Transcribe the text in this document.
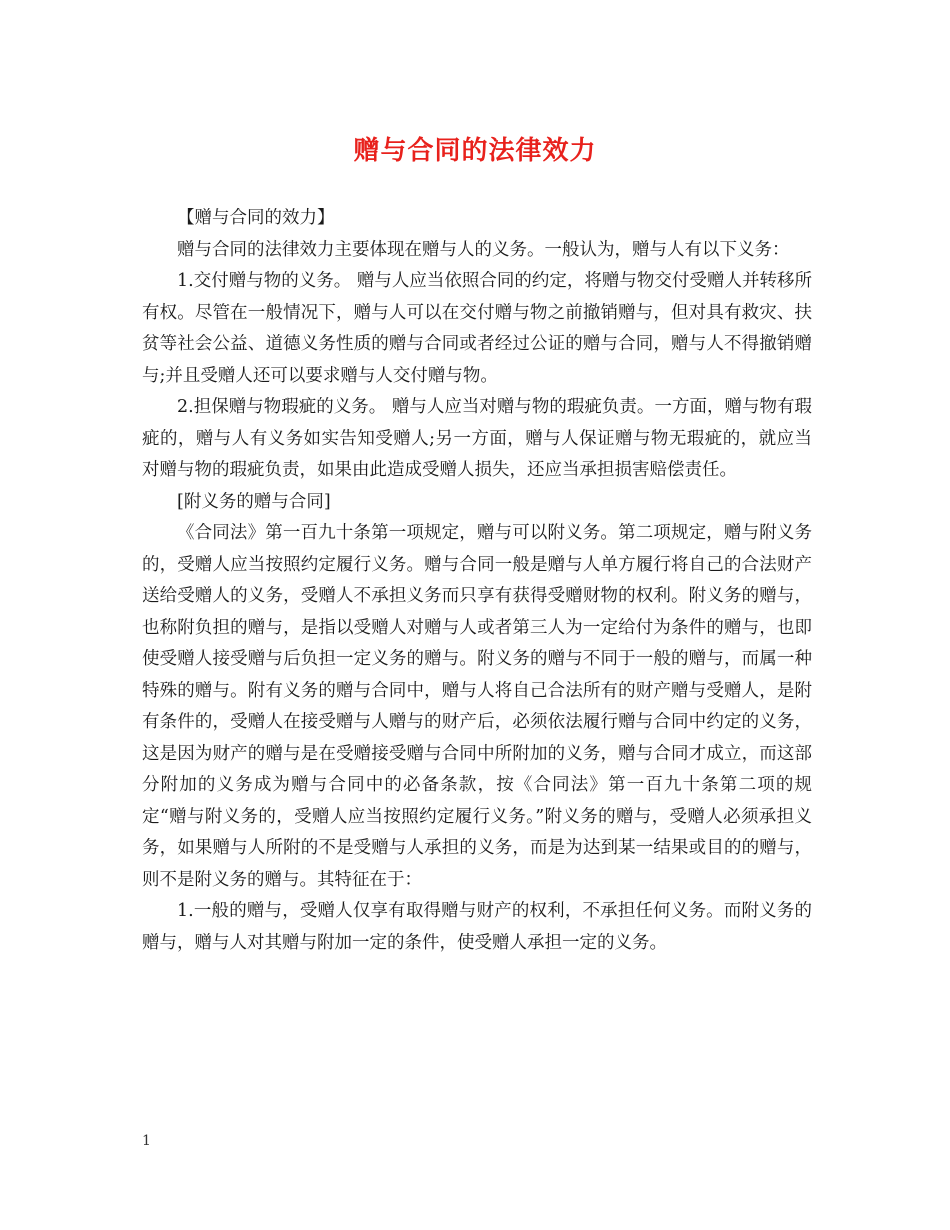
赠与合同的法律效力

【赠与合同的效力】

赠与合同的法律效力主要体现在赠与人的义务。一般认为，赠与人有以下义务：

1.交付赠与物的义务。 赠与人应当依照合同的约定，将赠与物交付受赠人并转移所有权。尽管在一般情况下，赠与人可以在交付赠与物之前撤销赠与，但对具有救灾、扶贫等社会公益、道德义务性质的赠与合同或者经过公证的赠与合同，赠与人不得撤销赠与;并且受赠人还可以要求赠与人交付赠与物。

2.担保赠与物瑕疵的义务。 赠与人应当对赠与物的瑕疵负责。一方面，赠与物有瑕疵的，赠与人有义务如实告知受赠人;另一方面，赠与人保证赠与物无瑕疵的，就应当对赠与物的瑕疵负责，如果由此造成受赠人损失，还应当承担损害赔偿责任。

[附义务的赠与合同]

《合同法》第一百九十条第一项规定，赠与可以附义务。第二项规定，赠与附义务的，受赠人应当按照约定履行义务。赠与合同一般是赠与人单方履行将自己的合法财产送给受赠人的义务，受赠人不承担义务而只享有获得受赠财物的权利。附义务的赠与，也称附负担的赠与，是指以受赠人对赠与人或者第三人为一定给付为条件的赠与，也即使受赠人接受赠与后负担一定义务的赠与。附义务的赠与不同于一般的赠与，而属一种特殊的赠与。附有义务的赠与合同中，赠与人将自己合法所有的财产赠与受赠人，是附有条件的，受赠人在接受赠与人赠与的财产后，必须依法履行赠与合同中约定的义务，这是因为财产的赠与是在受赠接受赠与合同中所附加的义务，赠与合同才成立，而这部分附加的义务成为赠与合同中的必备条款，按《合同法》第一百九十条第二项的规定“赠与附义务的，受赠人应当按照约定履行义务。”附义务的赠与，受赠人必须承担义务，如果赠与人所附的不是受赠与人承担的义务，而是为达到某一结果或目的的赠与，则不是附义务的赠与。其特征在于：

1.一般的赠与，受赠人仅享有取得赠与财产的权利，不承担任何义务。而附义务的赠与，赠与人对其赠与附加一定的条件，使受赠人承担一定的义务。

1
